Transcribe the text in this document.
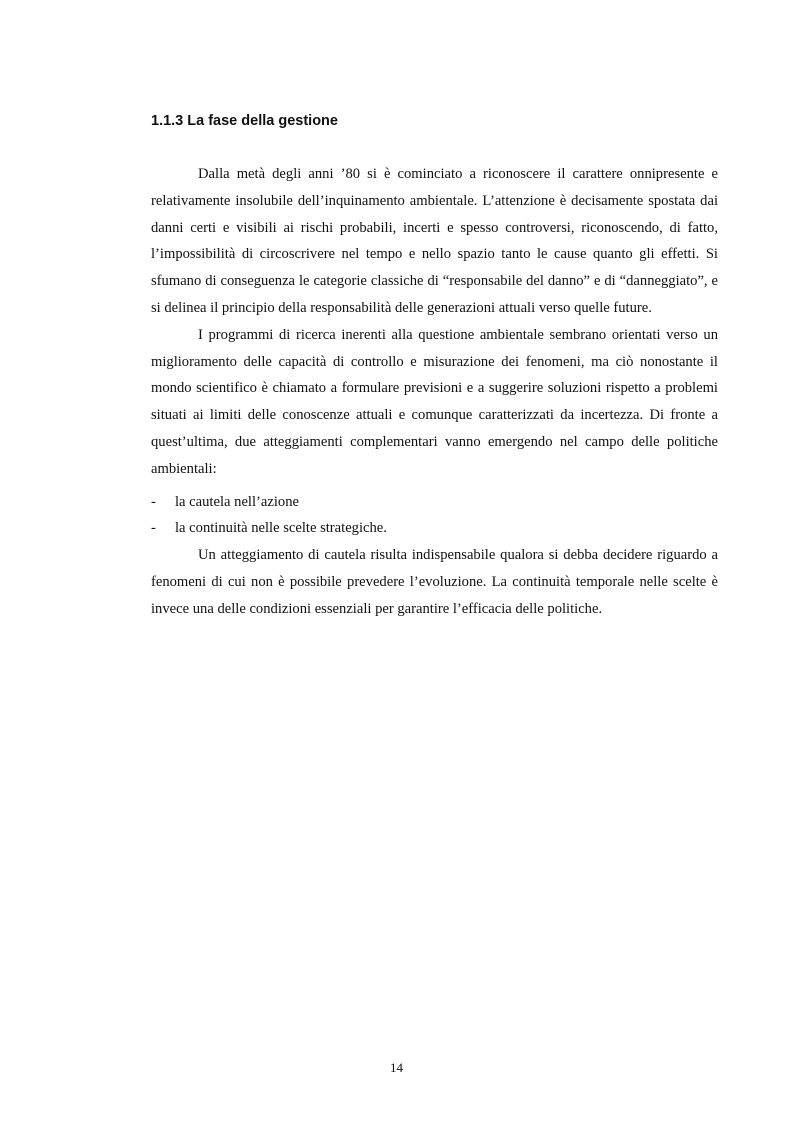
1.1.3 La fase della gestione

Dalla metà degli anni ’80 si è cominciato a riconoscere il carattere onnipresente e relativamente insolubile dell’inquinamento ambientale. L’attenzione è decisamente spostata dai danni certi e visibili ai rischi probabili, incerti e spesso controversi, riconoscendo, di fatto, l’impossibilità di circoscrivere nel tempo e nello spazio tanto le cause quanto gli effetti. Si sfumano di conseguenza le categorie classiche di “responsabile del danno” e di “danneggiato”, e si delinea il principio della responsabilità delle generazioni attuali verso quelle future.

I programmi di ricerca inerenti alla questione ambientale sembrano orientati verso un miglioramento delle capacità di controllo e misurazione dei fenomeni, ma ciò nonostante il mondo scientifico è chiamato a formulare previsioni e a suggerire soluzioni rispetto a problemi situati ai limiti delle conoscenze attuali e comunque caratterizzati da incertezza. Di fronte a quest’ultima, due atteggiamenti complementari vanno emergendo nel campo delle politiche ambientali:

- la cautela nell’azione
- la continuità nelle scelte strategiche.

Un atteggiamento di cautela risulta indispensabile qualora si debba decidere riguardo a fenomeni di cui non è possibile prevedere l’evoluzione. La continuità temporale nelle scelte è invece una delle condizioni essenziali per garantire l’efficacia delle politiche.

14
